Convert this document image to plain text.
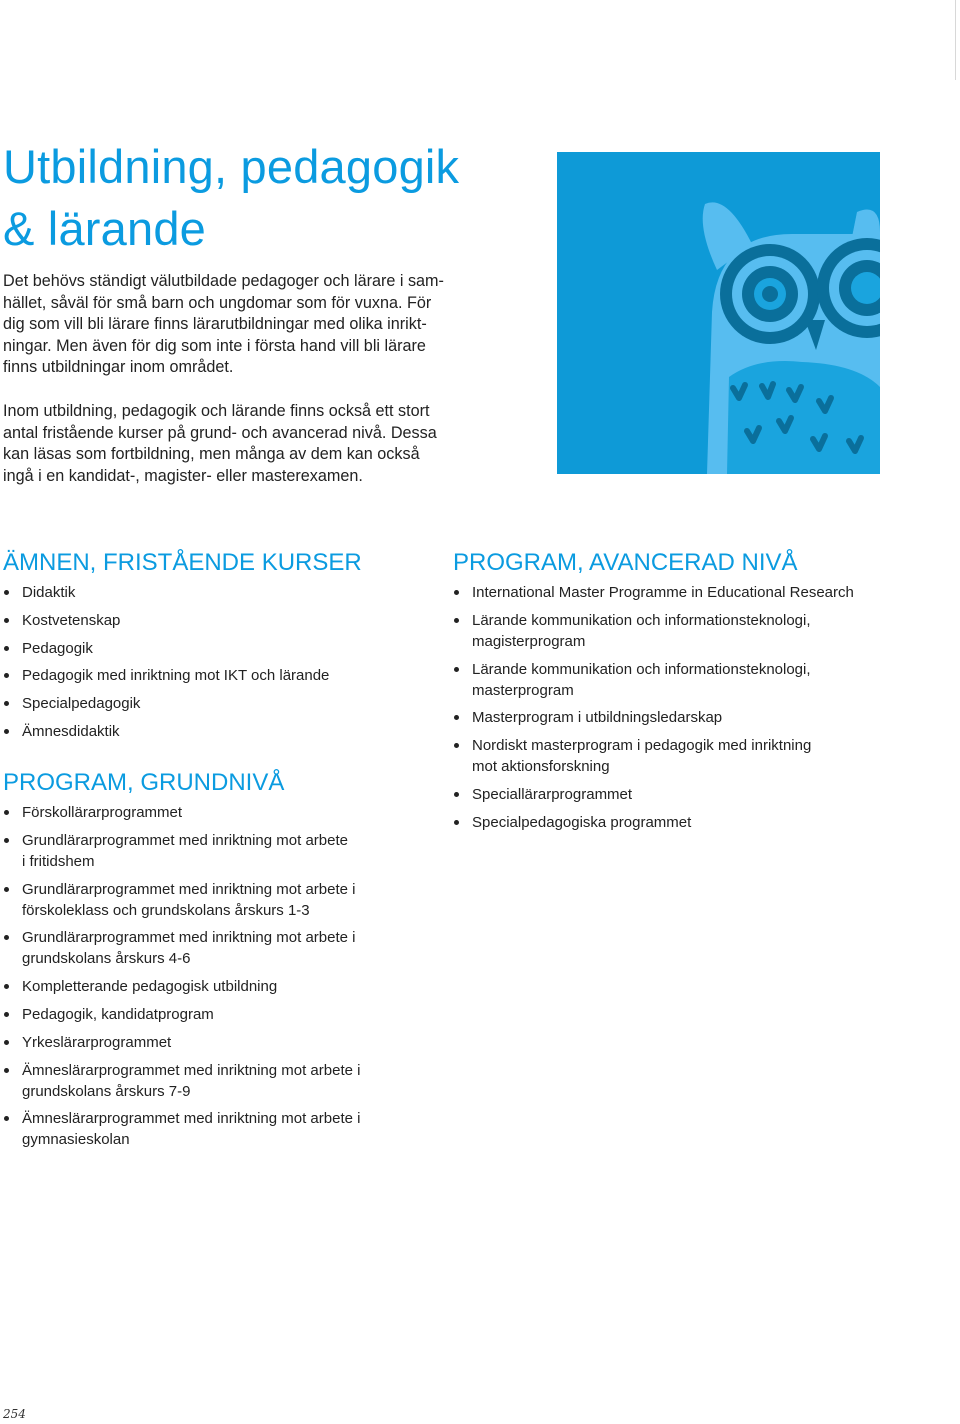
Utbildning, pedagogik
& lärande

Det behövs ständigt välutbildade pedagoger och lärare i sam-
hället, såväl för små barn och ungdomar som för vuxna. För
dig som vill bli lärare finns lärarutbildningar med olika inrikt-
ningar. Men även för dig som inte i första hand vill bli lärare
finns utbildningar inom området.

Inom utbildning, pedagogik och lärande finns också ett stort
antal fristående kurser på grund- och avancerad nivå. Dessa
kan läsas som fortbildning, men många av dem kan också
ingå i en kandidat-, magister- eller masterexamen.

ÄMNEN, FRISTÅENDE KURSER
Didaktik
Kostvetenskap
Pedagogik
Pedagogik med inriktning mot IKT och lärande
Specialpedagogik
Ämnesdidaktik
PROGRAM, GRUNDNIVÅ
Förskollärarprogrammet
Grundlärarprogrammet med inriktning mot arbete
i fritidshem
Grundlärarprogrammet med inriktning mot arbete i
förskoleklass och grundskolans årskurs 1-3
Grundlärarprogrammet med inriktning mot arbete i
grundskolans årskurs 4-6
Kompletterande pedagogisk utbildning
Pedagogik, kandidatprogram
Yrkeslärarprogrammet
Ämneslärarprogrammet med inriktning mot arbete i
grundskolans årskurs 7-9
Ämneslärarprogrammet med inriktning mot arbete i
gymnasieskolan
PROGRAM, AVANCERAD NIVÅ
International Master Programme in Educational Research
Lärande kommunikation och informationsteknologi,
magisterprogram
Lärande kommunikation och informationsteknologi,
masterprogram
Masterprogram i utbildningsledarskap
Nordiskt masterprogram i pedagogik med inriktning
mot aktionsforskning
Speciallärarprogrammet
Specialpedagogiska programmet
254
